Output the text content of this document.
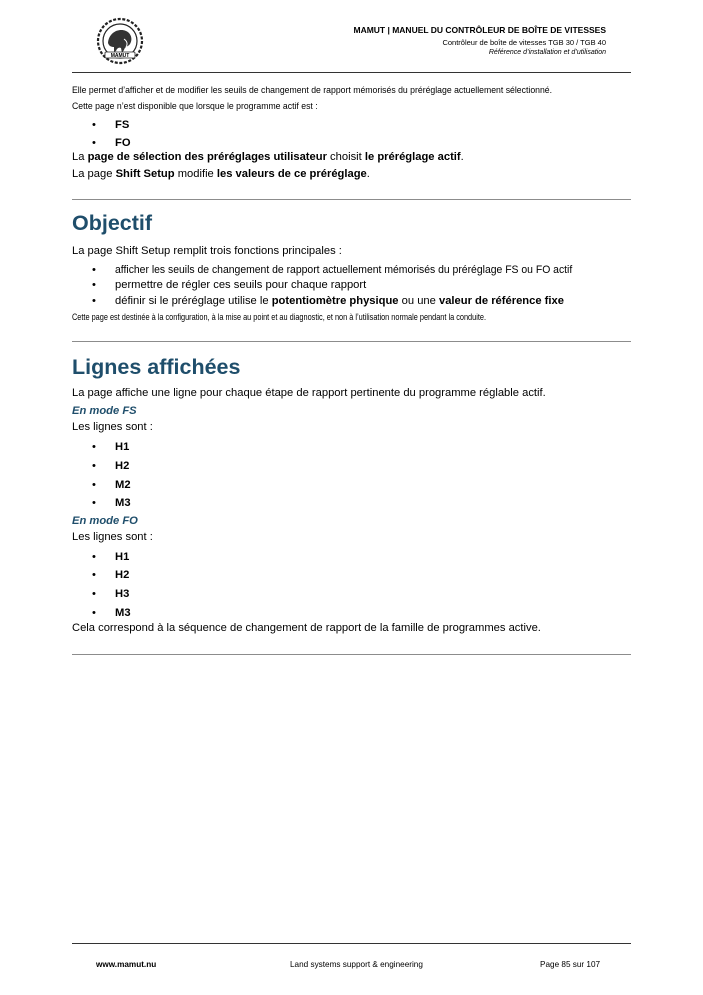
MAMUT
MAMUT | MANUEL DU CONTRÔLEUR DE BOÎTE DE VITESSES
Contrôleur de boîte de vitesses TGB 30 / TGB 40
Référence d’installation et d’utilisation
Elle permet d’afficher et de modifier les seuils de changement de rapport mémorisés du préréglage actuellement sélectionné.
Cette page n’est disponible que lorsque le programme actif est :
• FS
• FO
La page de sélection des préréglages utilisateur choisit le préréglage actif.
La page Shift Setup modifie les valeurs de ce préréglage.
Objectif
La page Shift Setup remplit trois fonctions principales :
• afficher les seuils de changement de rapport actuellement mémorisés du préréglage FS ou FO actif
• permettre de régler ces seuils pour chaque rapport
• définir si le préréglage utilise le potentiomètre physique ou une valeur de référence fixe
Cette page est destinée à la configuration, à la mise au point et au diagnostic, et non à l’utilisation normale pendant la conduite.
Lignes affichées
La page affiche une ligne pour chaque étape de rapport pertinente du programme réglable actif.
En mode FS
Les lignes sont :
• H1
• H2
• M2
• M3
En mode FO
Les lignes sont :
• H1
• H2
• H3
• M3
Cela correspond à la séquence de changement de rapport de la famille de programmes active.
www.mamut.nu	Land systems support & engineering	Page 85 sur 107
